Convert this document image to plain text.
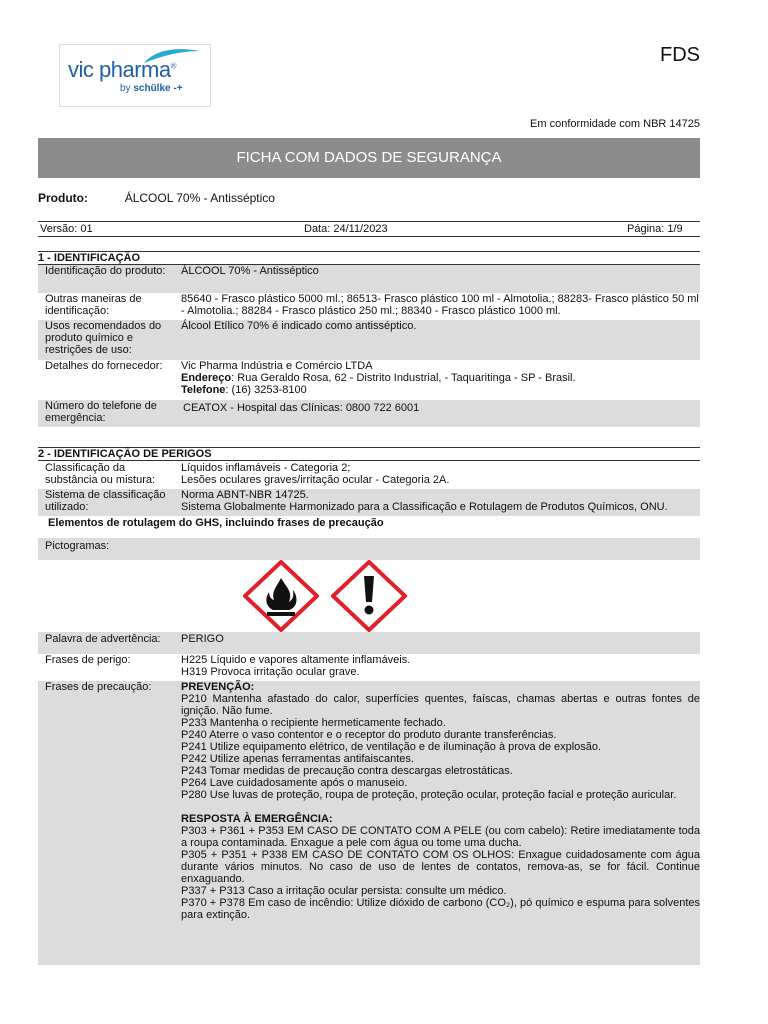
vic pharma®
by schülke -+
FDS
Em conformidade com NBR 14725
FICHA COM DADOS DE SEGURANÇA
Produto:	ÁLCOOL 70% - Antisséptico
Versão: 01	Data: 24/11/2023	Página: 1/9
1 - IDENTIFICAÇÃO
Identificação do produto:	ÁLCOOL 70% - Antisséptico
Outras maneiras de identificação:
85640 - Frasco plástico 5000 ml.; 86513- Frasco plástico 100 ml - Almotolia.; 88283- Frasco plástico 50 ml - Almotolia.; 88284 - Frasco plástico 250 ml.; 88340 - Frasco plástico 1000 ml.
Usos recomendados do produto químico e restrições de uso:
Álcool Etílico 70% é indicado como antisséptico.
Detalhes do fornecedor:	Vic Pharma Indústria e Comércio LTDA
Endereço: Rua Geraldo Rosa, 62 - Distrito Industrial, - Taquaritinga - SP - Brasil.
Telefone: (16) 3253-8100
Número do telefone de emergência:
CEATOX - Hospital das Clínicas: 0800 722 6001
2 - IDENTIFICAÇÃO DE PERIGOS
Classificação da substância ou mistura:
Líquidos inflamáveis - Categoria 2;
Lesões oculares graves/irritação ocular - Categoria 2A.
Sistema de classificação utilizado:
Norma ABNT-NBR 14725.
Sistema Globalmente Harmonizado para a Classificação e Rotulagem de Produtos Químicos, ONU.
Elementos de rotulagem do GHS, incluindo frases de precaução
Pictogramas:
Palavra de advertência:	PERIGO
Frases de perigo:	H225 Líquido e vapores altamente inflamáveis.
H319 Provoca irritação ocular grave.
Frases de precaução:	PREVENÇÃO:
P210 Mantenha afastado do calor, superfícies quentes, faíscas, chamas abertas e outras fontes de ignição. Não fume.
P233 Mantenha o recipiente hermeticamente fechado.
P240 Aterre o vaso contentor e o receptor do produto durante transferências.
P241 Utilize equipamento elétrico, de ventilação e de iluminação à prova de explosão.
P242 Utilize apenas ferramentas antifaiscantes.
P243 Tomar medidas de precaução contra descargas eletrostáticas.
P264 Lave cuidadosamente após o manuseio.
P280 Use luvas de proteção, roupa de proteção, proteção ocular, proteção facial e proteção auricular.
RESPOSTA À EMERGÊNCIA:
P303 + P361 + P353 EM CASO DE CONTATO COM A PELE (ou com cabelo): Retire imediatamente toda a roupa contaminada. Enxague a pele com água ou tome uma ducha.
P305 + P351 + P338 EM CASO DE CONTATO COM OS OLHOS: Enxague cuidadosamente com água durante vários minutos. No caso de uso de lentes de contatos, remova-as, se for fácil. Continue enxaguando.
P337 + P313 Caso a irritação ocular persista: consulte um médico.
P370 + P378 Em caso de incêndio: Utilize dióxido de carbono (CO₂), pó químico e espuma para solventes para extinção.
